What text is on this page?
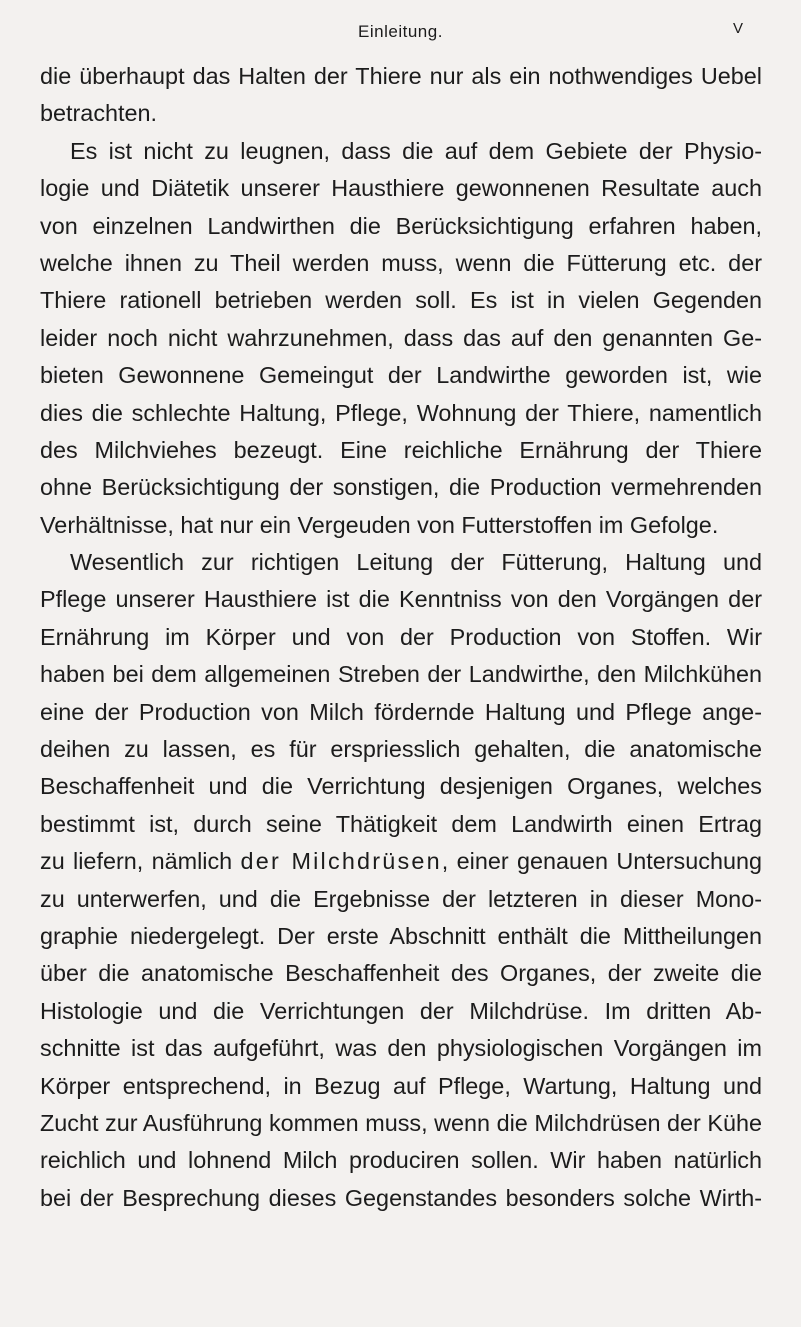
Einleitung.	V
die überhaupt das Halten der Thiere nur als ein nothwendiges Uebel
betrachten.
Es ist nicht zu leugnen, dass die auf dem Gebiete der Physio-
logie und Diätetik unserer Hausthiere gewonnenen Resultate auch
von einzelnen Landwirthen die Berücksichtigung erfahren haben,
welche ihnen zu Theil werden muss, wenn die Fütterung etc. der
Thiere rationell betrieben werden soll. Es ist in vielen Gegenden
leider noch nicht wahrzunehmen, dass das auf den genannten Ge-
bieten Gewonnene Gemeingut der Landwirthe geworden ist, wie
dies die schlechte Haltung, Pflege, Wohnung der Thiere, namentlich
des Milchviehes bezeugt. Eine reichliche Ernährung der Thiere
ohne Berücksichtigung der sonstigen, die Production vermehrenden
Verhältnisse, hat nur ein Vergeuden von Futterstoffen im Gefolge.
Wesentlich zur richtigen Leitung der Fütterung, Haltung und
Pflege unserer Hausthiere ist die Kenntniss von den Vorgängen der
Ernährung im Körper und von der Production von Stoffen. Wir
haben bei dem allgemeinen Streben der Landwirthe, den Milchkühen
eine der Production von Milch fördernde Haltung und Pflege ange-
deihen zu lassen, es für erspriesslich gehalten, die anatomische
Beschaffenheit und die Verrichtung desjenigen Organes, welches
bestimmt ist, durch seine Thätigkeit dem Landwirth einen Ertrag
zu liefern, nämlich der Milchdrüsen, einer genauen Untersuchung
zu unterwerfen, und die Ergebnisse der letzteren in dieser Mono-
graphie niedergelegt. Der erste Abschnitt enthält die Mittheilungen
über die anatomische Beschaffenheit des Organes, der zweite die
Histologie und die Verrichtungen der Milchdrüse. Im dritten Ab-
schnitte ist das aufgeführt, was den physiologischen Vorgängen im
Körper entsprechend, in Bezug auf Pflege, Wartung, Haltung und
Zucht zur Ausführung kommen muss, wenn die Milchdrüsen der Kühe
reichlich und lohnend Milch produciren sollen. Wir haben natürlich
bei der Besprechung dieses Gegenstandes besonders solche Wirth-
